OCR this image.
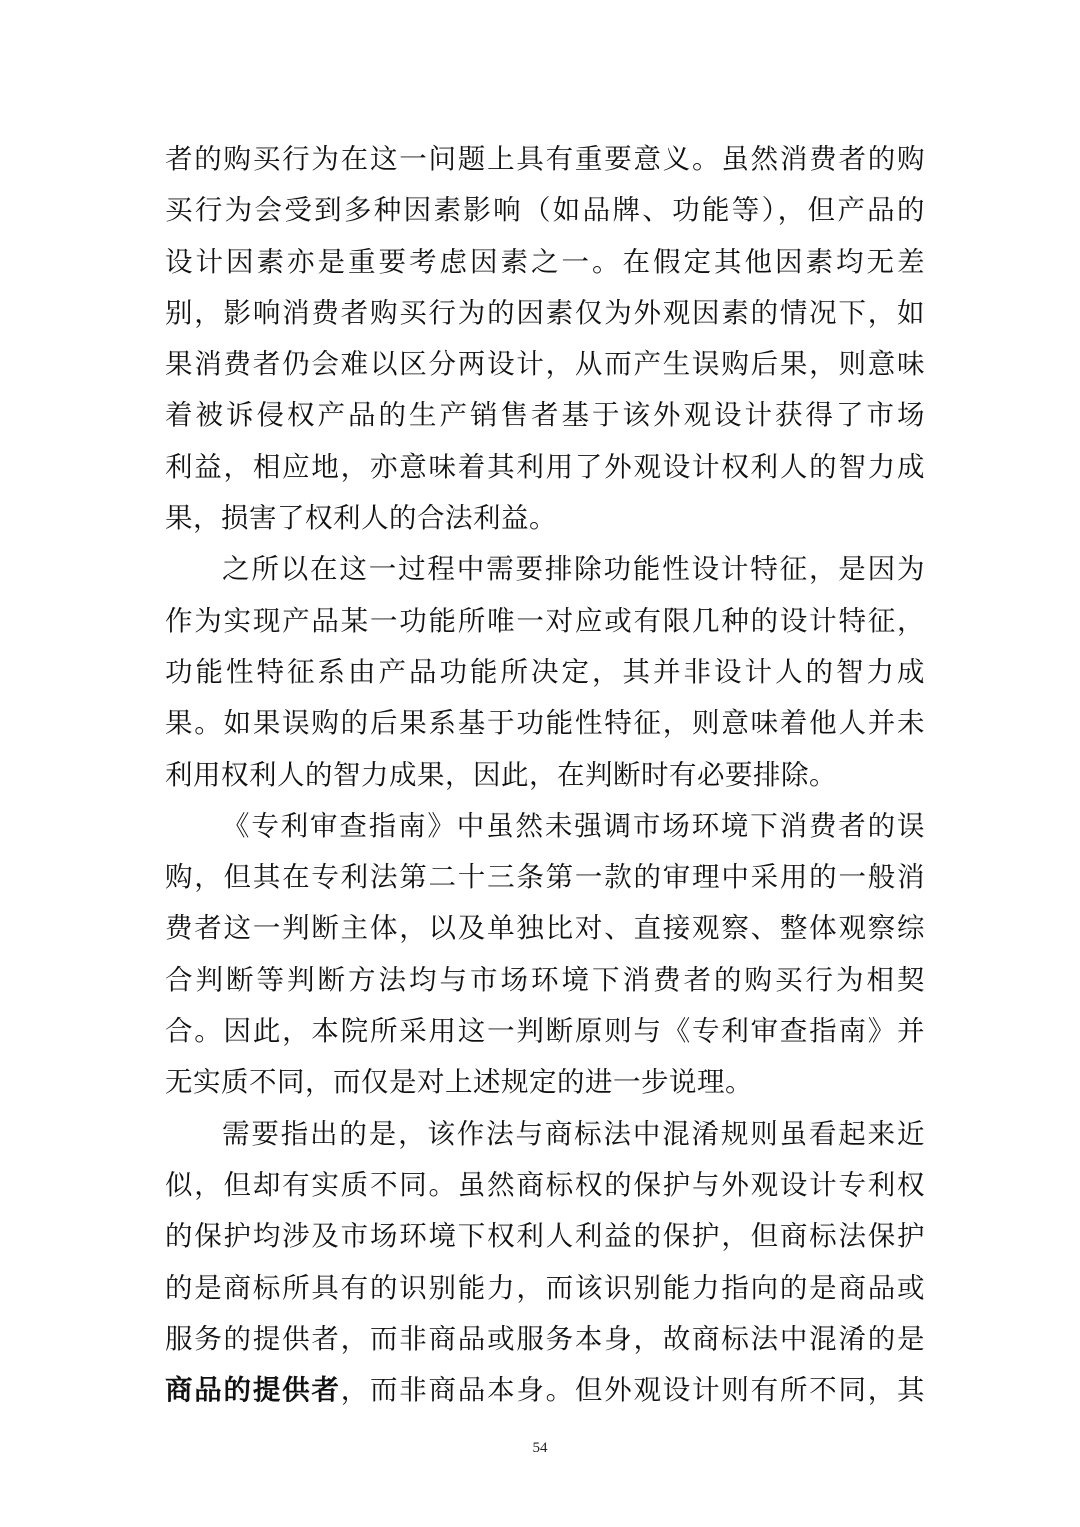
者的购买行为在这一问题上具有重要意义。虽然消费者的购
买行为会受到多种因素影响（如品牌、功能等），但产品的
设计因素亦是重要考虑因素之一。在假定其他因素均无差
别，影响消费者购买行为的因素仅为外观因素的情况下，如
果消费者仍会难以区分两设计，从而产生误购后果，则意味
着被诉侵权产品的生产销售者基于该外观设计获得了市场
利益，相应地，亦意味着其利用了外观设计权利人的智力成
果，损害了权利人的合法利益。
之所以在这一过程中需要排除功能性设计特征，是因为
作为实现产品某一功能所唯一对应或有限几种的设计特征，
功能性特征系由产品功能所决定，其并非设计人的智力成
果。如果误购的后果系基于功能性特征，则意味着他人并未
利用权利人的智力成果，因此，在判断时有必要排除。
《专利审查指南》中虽然未强调市场环境下消费者的误
购，但其在专利法第二十三条第一款的审理中采用的一般消
费者这一判断主体，以及单独比对、直接观察、整体观察综
合判断等判断方法均与市场环境下消费者的购买行为相契
合。因此，本院所采用这一判断原则与《专利审查指南》并
无实质不同，而仅是对上述规定的进一步说理。
需要指出的是，该作法与商标法中混淆规则虽看起来近
似，但却有实质不同。虽然商标权的保护与外观设计专利权
的保护均涉及市场环境下权利人利益的保护，但商标法保护
的是商标所具有的识别能力，而该识别能力指向的是商品或
服务的提供者，而非商品或服务本身，故商标法中混淆的是
商品的提供者，而非商品本身。但外观设计则有所不同，其
54
